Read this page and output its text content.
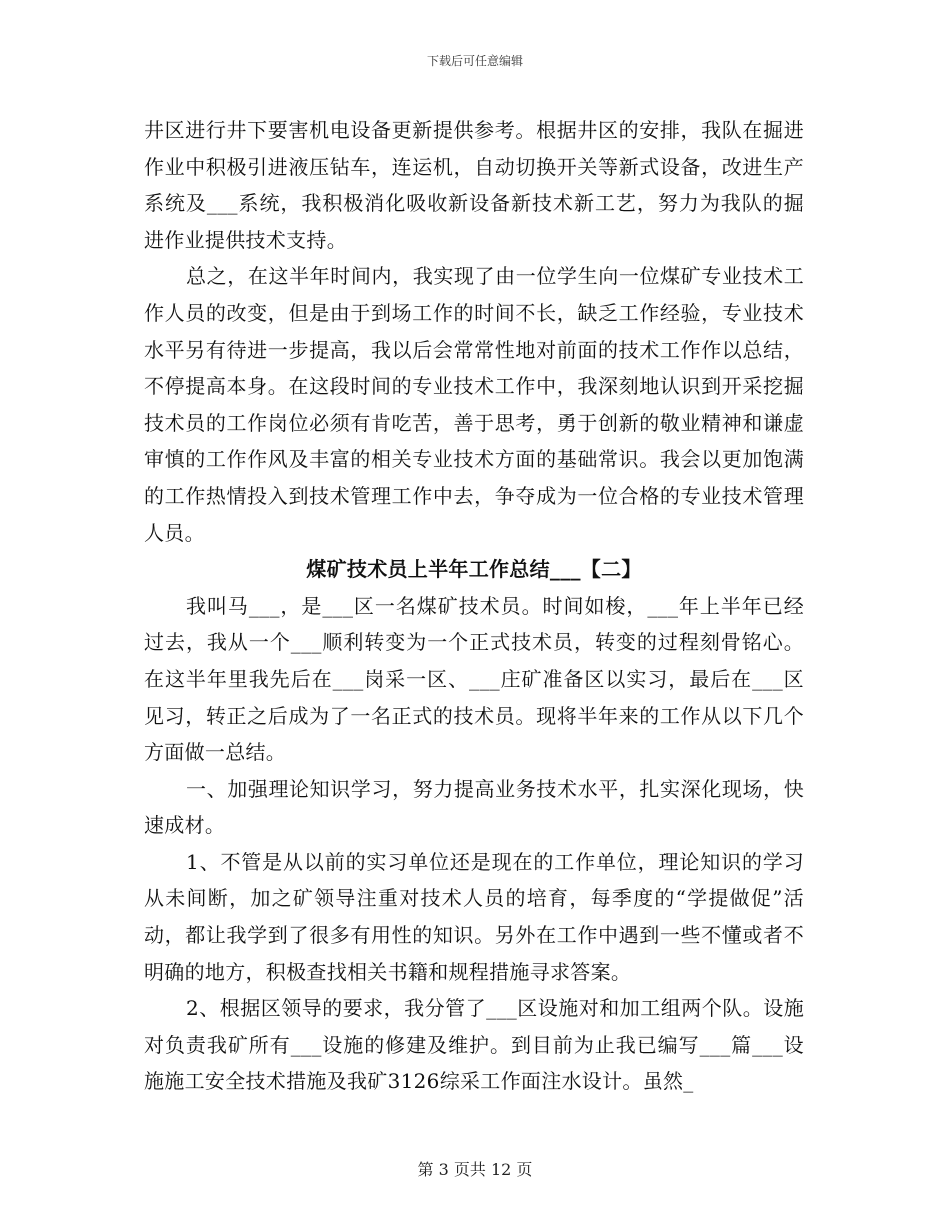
下载后可任意编辑

井区进行井下要害机电设备更新提供参考。根据井区的安排，我队在掘进作业中积极引进液压钻车，连运机，自动切换开关等新式设备，改进生产系统及___系统，我积极消化吸收新设备新技术新工艺，努力为我队的掘进作业提供技术支持。

总之，在这半年时间内，我实现了由一位学生向一位煤矿专业技术工作人员的改变，但是由于到场工作的时间不长，缺乏工作经验，专业技术水平另有待进一步提高，我以后会常常性地对前面的技术工作作以总结，不停提高本身。在这段时间的专业技术工作中，我深刻地认识到开采挖掘技术员的工作岗位必须有肯吃苦，善于思考，勇于创新的敬业精神和谦虚审慎的工作作风及丰富的相关专业技术方面的基础常识。我会以更加饱满的工作热情投入到技术管理工作中去，争夺成为一位合格的专业技术管理人员。

煤矿技术员上半年工作总结___【二】

我叫马___，是___区一名煤矿技术员。时间如梭，___年上半年已经过去，我从一个___顺利转变为一个正式技术员，转变的过程刻骨铭心。在这半年里我先后在___岗采一区、___庄矿准备区以实习，最后在___区见习，转正之后成为了一名正式的技术员。现将半年来的工作从以下几个方面做一总结。

一、加强理论知识学习，努力提高业务技术水平，扎实深化现场，快速成材。

1、不管是从以前的实习单位还是现在的工作单位，理论知识的学习从未间断，加之矿领导注重对技术人员的培育，每季度的“学提做促”活动，都让我学到了很多有用性的知识。另外在工作中遇到一些不懂或者不明确的地方，积极查找相关书籍和规程措施寻求答案。

2、根据区领导的要求，我分管了___区设施对和加工组两个队。设施对负责我矿所有___设施的修建及维护。到目前为止我已编写___篇___设施施工安全技术措施及我矿3126综采工作面注水设计。虽然_

第 3 页共 12 页
